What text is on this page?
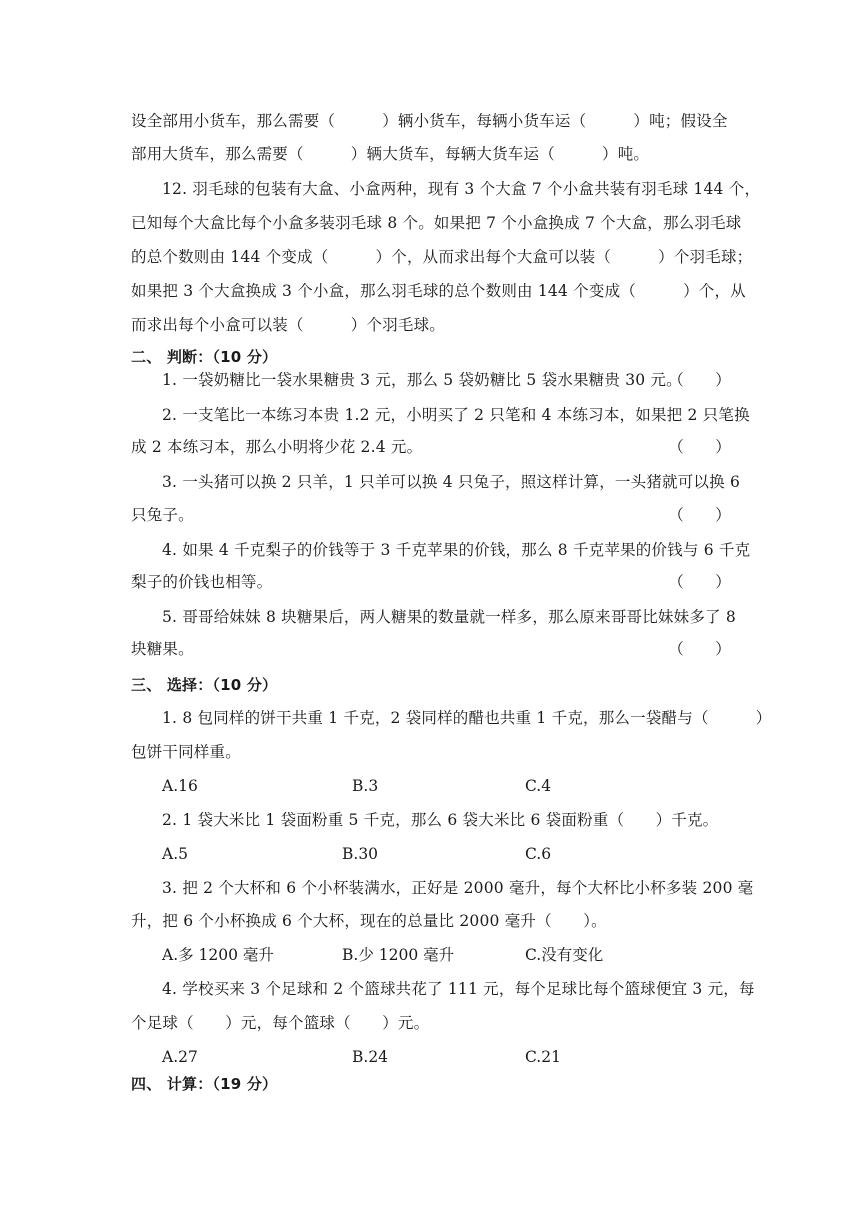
设全部用小货车，那么需要（　　　）辆小货车，每辆小货车运（　　　）吨；假设全
部用大货车，那么需要（　　　）辆大货车，每辆大货车运（　　　）吨。
12. 羽毛球的包装有大盒、小盒两种，现有 3 个大盒 7 个小盒共装有羽毛球 144 个，
已知每个大盒比每个小盒多装羽毛球 8 个。如果把 7 个小盒换成 7 个大盒，那么羽毛球
的总个数则由 144 个变成（　　　）个，从而求出每个大盒可以装（　　　）个羽毛球；
如果把 3 个大盒换成 3 个小盒，那么羽毛球的总个数则由 144 个变成（　　　）个，从
而求出每个小盒可以装（　　　）个羽毛球。
二、 判断：（10 分）
1. 一袋奶糖比一袋水果糖贵 3 元，那么 5 袋奶糖比 5 袋水果糖贵 30 元。
（　　）
2. 一支笔比一本练习本贵 1.2 元，小明买了 2 只笔和 4 本练习本，如果把 2 只笔换
成 2 本练习本，那么小明将少花 2.4 元。	（　　）
3. 一头猪可以换 2 只羊，1 只羊可以换 4 只兔子，照这样计算，一头猪就可以换 6
只兔子。	（　　）
4. 如果 4 千克梨子的价钱等于 3 千克苹果的价钱，那么 8 千克苹果的价钱与 6 千克
梨子的价钱也相等。	（　　）
5. 哥哥给妹妹 8 块糖果后，两人糖果的数量就一样多，那么原来哥哥比妹妹多了 8
块糖果。	（　　）
三、 选择：（10 分）
1. 8 包同样的饼干共重 1 千克，2 袋同样的醋也共重 1 千克，那么一袋醋与（　　　）
包饼干同样重。
A.16	B.3	C.4
2. 1 袋大米比 1 袋面粉重 5 千克，那么 6 袋大米比 6 袋面粉重（　　）千克。
A.5	B.30	C.6
3. 把 2 个大杯和 6 个小杯装满水，正好是 2000 毫升，每个大杯比小杯多装 200 毫
升，把 6 个小杯换成 6 个大杯，现在的总量比 2000 毫升（　　）。
A.多 1200 毫升	B.少 1200 毫升	C.没有变化
4. 学校买来 3 个足球和 2 个篮球共花了 111 元，每个足球比每个篮球便宜 3 元，每
个足球（　　）元，每个篮球（　　）元。
A.27	B.24	C.21
四、 计算：（19 分）
